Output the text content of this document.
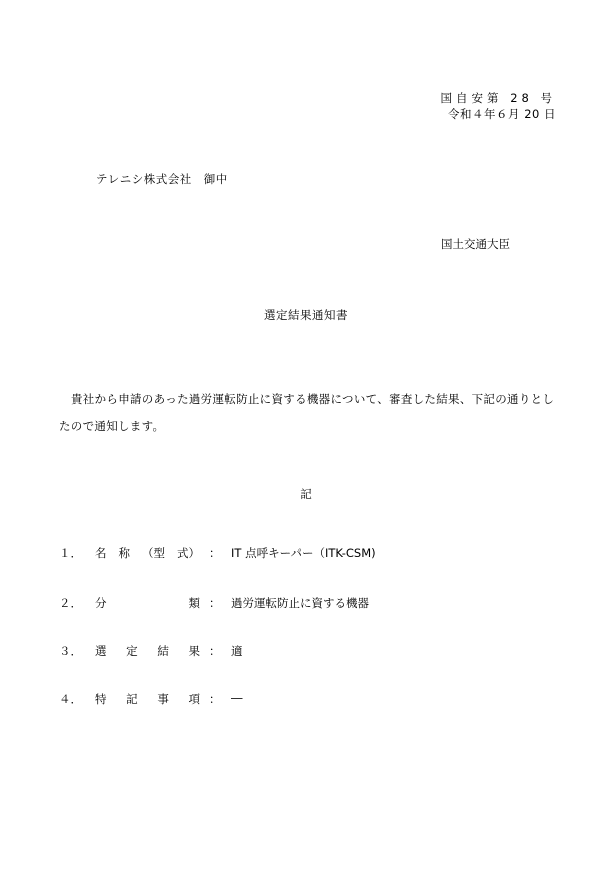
国自安第 28 号
令和４年６月 20 日
テレニシ株式会社　御中
国土交通大臣
選定結果通知書
貴社から申請のあった過労運転防止に資する機器について、審査した結果、下記の通りとしたので通知します。
記
１．	名 称 （型 式） ： IT 点呼キーパー（ITK-CSM)
２．	分	類 ： 過労運転防止に資する機器
３．	選 定 結 果 ： 適
４．	特 記 事 項 ： ―
